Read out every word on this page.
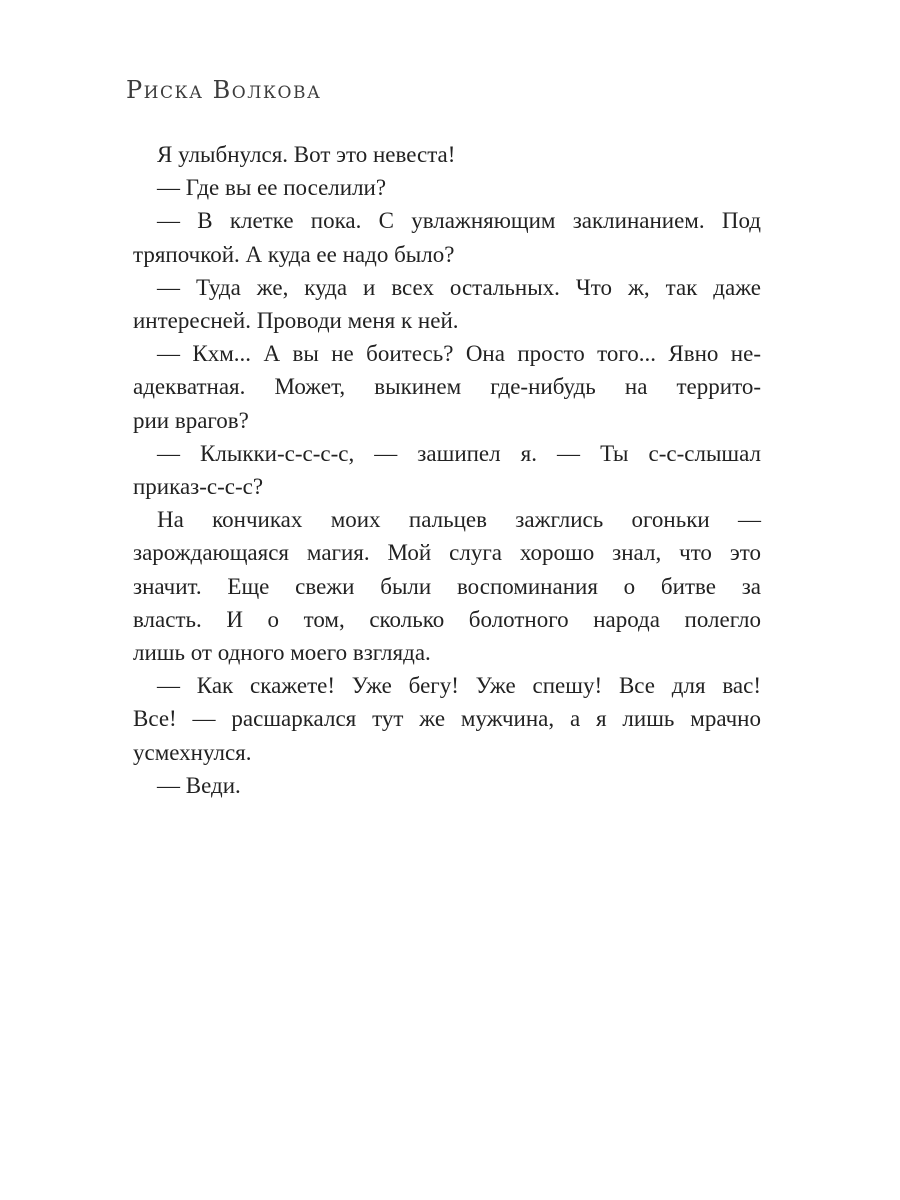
Риска Волкова
Я улыбнулся. Вот это невеста!
— Где вы ее поселили?
— В клетке пока. С увлажняющим заклинанием. Под
тряпочкой. А куда ее надо было?
— Туда же, куда и всех остальных. Что ж, так даже
интересней. Проводи меня к ней.
— Кхм... А вы не боитесь? Она просто того... Явно не-
адекватная. Может, выкинем где-нибудь на террито-
рии врагов?
— Клыкки-с-с-с-с, — зашипел я. — Ты с-с-слышал
приказ-с-с-с?
На кончиках моих пальцев зажглись огоньки —
зарождающаяся магия. Мой слуга хорошо знал, что это
значит. Еще свежи были воспоминания о битве за
власть. И о том, сколько болотного народа полегло
лишь от одного моего взгляда.
— Как скажете! Уже бегу! Уже спешу! Все для вас!
Все! — расшаркался тут же мужчина, а я лишь мрачно
усмехнулся.
— Веди.
